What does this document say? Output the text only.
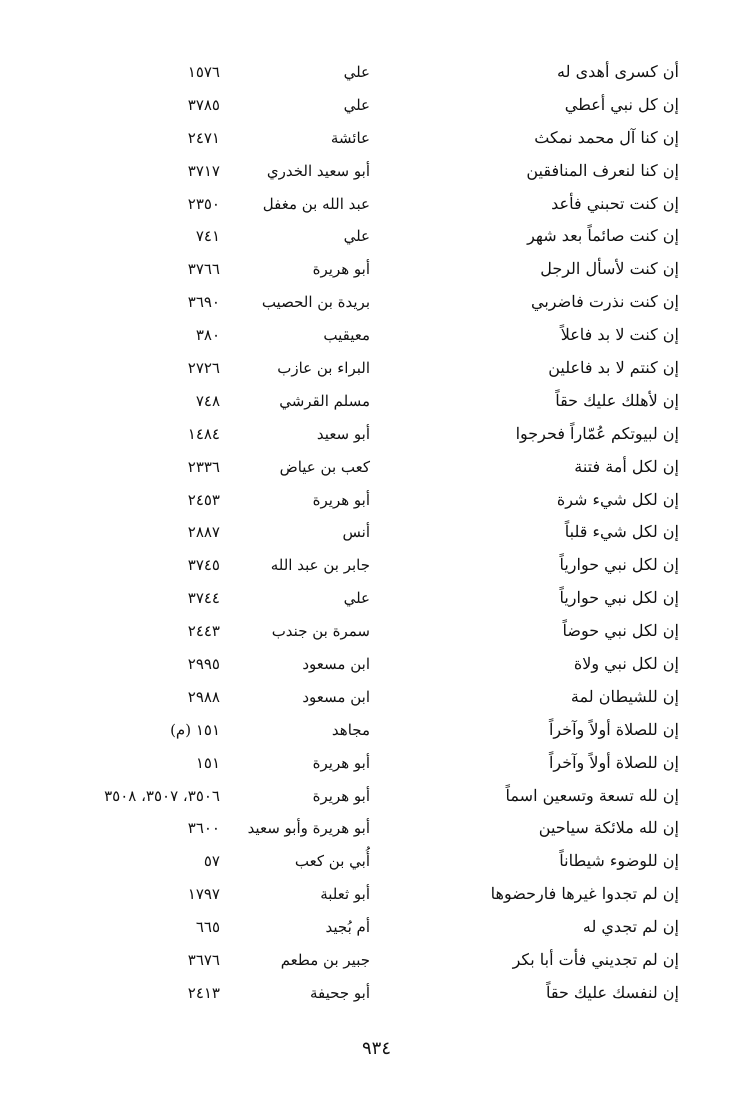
أن كسرى أهدى له
علي
١٥٧٦
إن كل نبي أعطي
علي
٣٧٨٥
إن كنا آل محمد نمكث
عائشة
٢٤٧١
إن كنا لنعرف المنافقين
أبو سعيد الخدري
٣٧١٧
إن كنت تحبني فأعد
عبد الله بن مغفل
٢٣٥٠
إن كنت صائماً بعد شهر
علي
٧٤١
إن كنت لأسأل الرجل
أبو هريرة
٣٧٦٦
إن كنت نذرت فاضربي
بريدة بن الحصيب
٣٦٩٠
إن كنت لا بد فاعلاً
معيقيب
٣٨٠
إن كنتم لا بد فاعلين
البراء بن عازب
٢٧٢٦
إن لأهلك عليك حقاً
مسلم القرشي
٧٤٨
إن لبيوتكم عُمّاراً فحرجوا
أبو سعيد
١٤٨٤
إن لكل أمة فتنة
كعب بن عياض
٢٣٣٦
إن لكل شيء شرة
أبو هريرة
٢٤٥٣
إن لكل شيء قلباً
أنس
٢٨٨٧
إن لكل نبي حوارياً
جابر بن عبد الله
٣٧٤٥
إن لكل نبي حوارياً
علي
٣٧٤٤
إن لكل نبي حوضاً
سمرة بن جندب
٢٤٤٣
إن لكل نبي ولاة
ابن مسعود
٢٩٩٥
إن للشيطان لمة
ابن مسعود
٢٩٨٨
إن للصلاة أولاً وآخراً
مجاهد
١٥١ (م)
إن للصلاة أولاً وآخراً
أبو هريرة
١٥١
إن لله تسعة وتسعين اسماً
أبو هريرة
٣٥٠٦، ٣٥٠٧، ٣٥٠٨
إن لله ملائكة سياحين
أبو هريرة وأبو سعيد
٣٦٠٠
إن للوضوء شيطاناً
أُبي بن كعب
٥٧
إن لم تجدوا غيرها فارحضوها
أبو ثعلبة
١٧٩٧
إن لم تجدي له
أم بُجيد
٦٦٥
إن لم تجديني فأت أبا بكر
جبير بن مطعم
٣٦٧٦
إن لنفسك عليك حقاً
أبو جحيفة
٢٤١٣
٩٣٤
